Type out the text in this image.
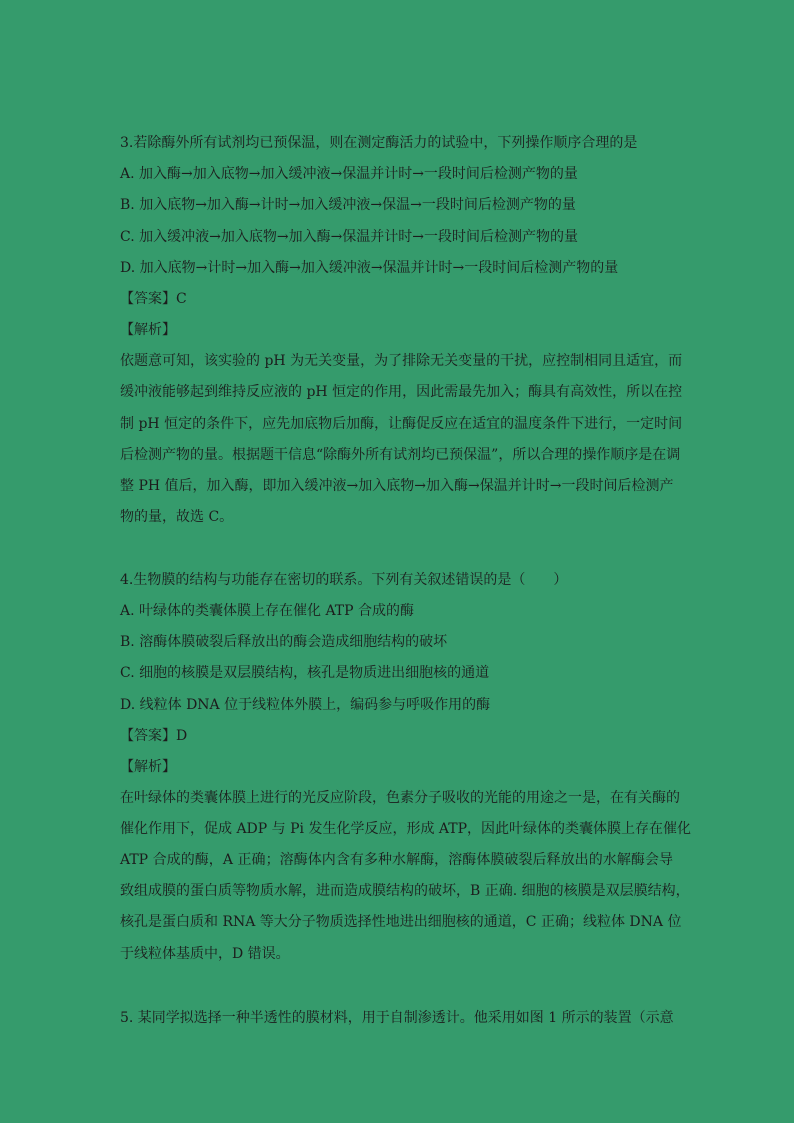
3.若除酶外所有试剂均已预保温，则在测定酶活力的试验中，下列操作顺序合理的是
A. 加入酶→加入底物→加入缓冲液→保温并计时→一段时间后检测产物的量
B. 加入底物→加入酶→计时→加入缓冲液→保温→一段时间后检测产物的量
C. 加入缓冲液→加入底物→加入酶→保温并计时→一段时间后检测产物的量
D. 加入底物→计时→加入酶→加入缓冲液→保温并计时→一段时间后检测产物的量
【答案】C
【解析】
依题意可知，该实验的 pH 为无关变量，为了排除无关变量的干扰，应控制相同且适宜，而
缓冲液能够起到维持反应液的 pH 恒定的作用，因此需最先加入；酶具有高效性，所以在控
制 pH 恒定的条件下，应先加底物后加酶，让酶促反应在适宜的温度条件下进行，一定时间
后检测产物的量。根据题干信息“除酶外所有试剂均已预保温”，所以合理的操作顺序是在调
整 PH 值后，加入酶，即加入缓冲液→加入底物→加入酶→保温并计时→一段时间后检测产
物的量，故选 C。
4.生物膜的结构与功能存在密切的联系。下列有关叙述错误的是（　　）
A. 叶绿体的类囊体膜上存在催化 ATP 合成的酶
B. 溶酶体膜破裂后释放出的酶会造成细胞结构的破坏
C. 细胞的核膜是双层膜结构，核孔是物质进出细胞核的通道
D. 线粒体 DNA 位于线粒体外膜上，编码参与呼吸作用的酶
【答案】D
【解析】
在叶绿体的类囊体膜上进行的光反应阶段，色素分子吸收的光能的用途之一是，在有关酶的
催化作用下，促成 ADP 与 Pi 发生化学反应，形成 ATP，因此叶绿体的类囊体膜上存在催化
ATP 合成的酶，A 正确；溶酶体内含有多种水解酶，溶酶体膜破裂后释放出的水解酶会导
致组成膜的蛋白质等物质水解，进而造成膜结构的破坏，B 正确. 细胞的核膜是双层膜结构，
核孔是蛋白质和 RNA 等大分子物质选择性地进出细胞核的通道，C 正确；线粒体 DNA 位
于线粒体基质中，D 错误。
5. 某同学拟选择一种半透性的膜材料，用于自制渗透计。他采用如图 1 所示的装置（示意
